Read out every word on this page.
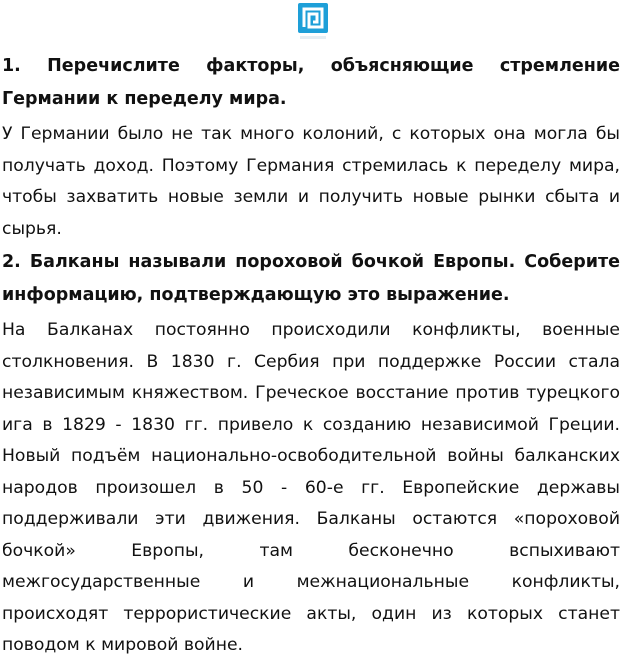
1. Перечислите факторы, объясняющие стремление Германии к переделу мира.

У Германии было не так много колоний, с которых она могла бы получать доход. Поэтому Германия стремилась к переделу мира, чтобы захватить новые земли и получить новые рынки сбыта и сырья.

2. Балканы называли пороховой бочкой Европы. Соберите информацию, подтверждающую это выражение.

На Балканах постоянно происходили конфликты, военные столкновения. В 1830 г. Сербия при поддержке России стала независимым княжеством. Греческое восстание против турецкого ига в 1829 - 1830 гг. привело к созданию независимой Греции. Новый подъём национально-освободительной войны балканских народов произошел в 50 - 60-е гг. Европейские державы поддерживали эти движения. Балканы остаются «пороховой бочкой» Европы, там бесконечно вспыхивают межгосударственные и межнациональные конфликты, происходят террористические акты, один из которых станет поводом к мировой войне.
